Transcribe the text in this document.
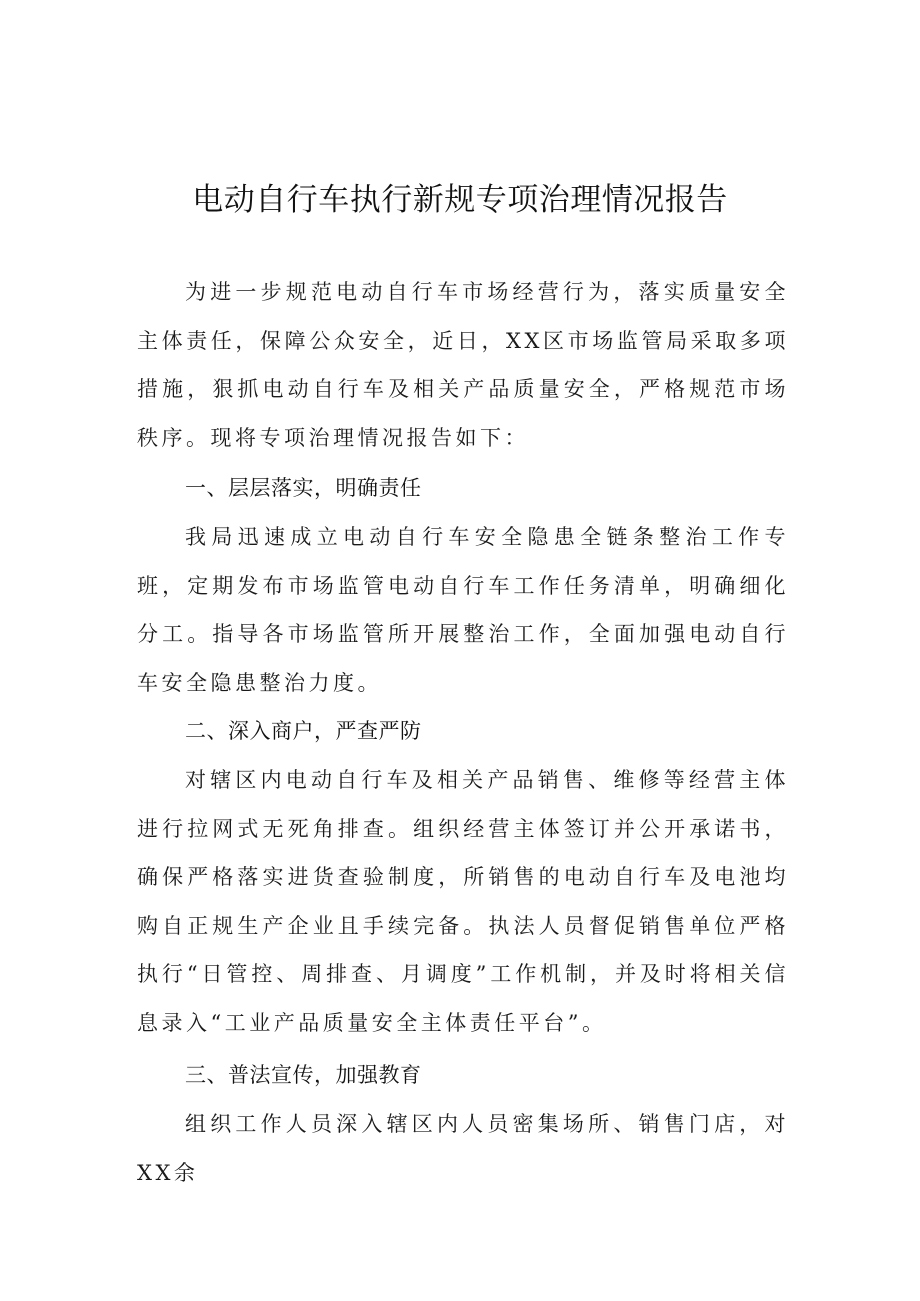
电动自行车执行新规专项治理情况报告

为进一步规范电动自行车市场经营行为，落实质量安全主体责任，保障公众安全，近日，XX区市场监管局采取多项措施，狠抓电动自行车及相关产品质量安全，严格规范市场秩序。现将专项治理情况报告如下：

一、层层落实，明确责任

我局迅速成立电动自行车安全隐患全链条整治工作专班，定期发布市场监管电动自行车工作任务清单，明确细化分工。指导各市场监管所开展整治工作，全面加强电动自行车安全隐患整治力度。

二、深入商户，严查严防

对辖区内电动自行车及相关产品销售、维修等经营主体进行拉网式无死角排查。组织经营主体签订并公开承诺书，确保严格落实进货查验制度，所销售的电动自行车及电池均购自正规生产企业且手续完备。执法人员督促销售单位严格执行“日管控、周排查、月调度”工作机制，并及时将相关信息录入“工业产品质量安全主体责任平台”。

三、普法宣传，加强教育

组织工作人员深入辖区内人员密集场所、销售门店，对XX余
